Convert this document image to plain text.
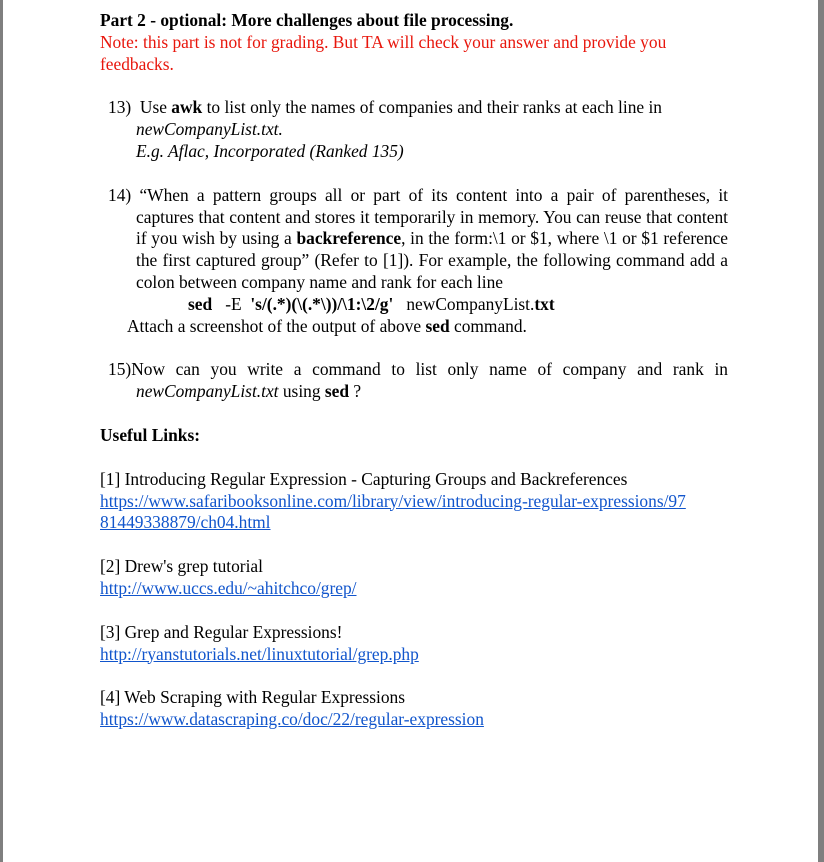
Part 2 - optional: More challenges about file processing.

Note: this part is not for grading. But TA will check your answer and provide you feedbacks.

13) Use awk to list only the names of companies and their ranks at each line in newCompanyList.txt.

E.g. Aflac, Incorporated (Ranked 135)

14) “When a pattern groups all or part of its content into a pair of parentheses, it captures that content and stores it temporarily in memory. You can reuse that content if you wish by using a backreference, in the form:\1 or $1, where \1 or $1 reference the first captured group” (Refer to [1]). For example, the following command add a colon between company name and rank for each line

sed -E 's/(.*)(\(.*\))/\1:\2/g' newCompanyList.txt

Attach a screenshot of the output of above sed command.

15)Now can you write a command to list only name of company and rank in newCompanyList.txt using sed ?

Useful Links:

[1] Introducing Regular Expression - Capturing Groups and Backreferences

https://www.safaribooksonline.com/library/view/introducing-regular-expressions/9781449338879/ch04.html

[2] Drew's grep tutorial

http://www.uccs.edu/~ahitchco/grep/

[3] Grep and Regular Expressions!

http://ryanstutorials.net/linuxtutorial/grep.php

[4] Web Scraping with Regular Expressions

https://www.datascraping.co/doc/22/regular-expression
